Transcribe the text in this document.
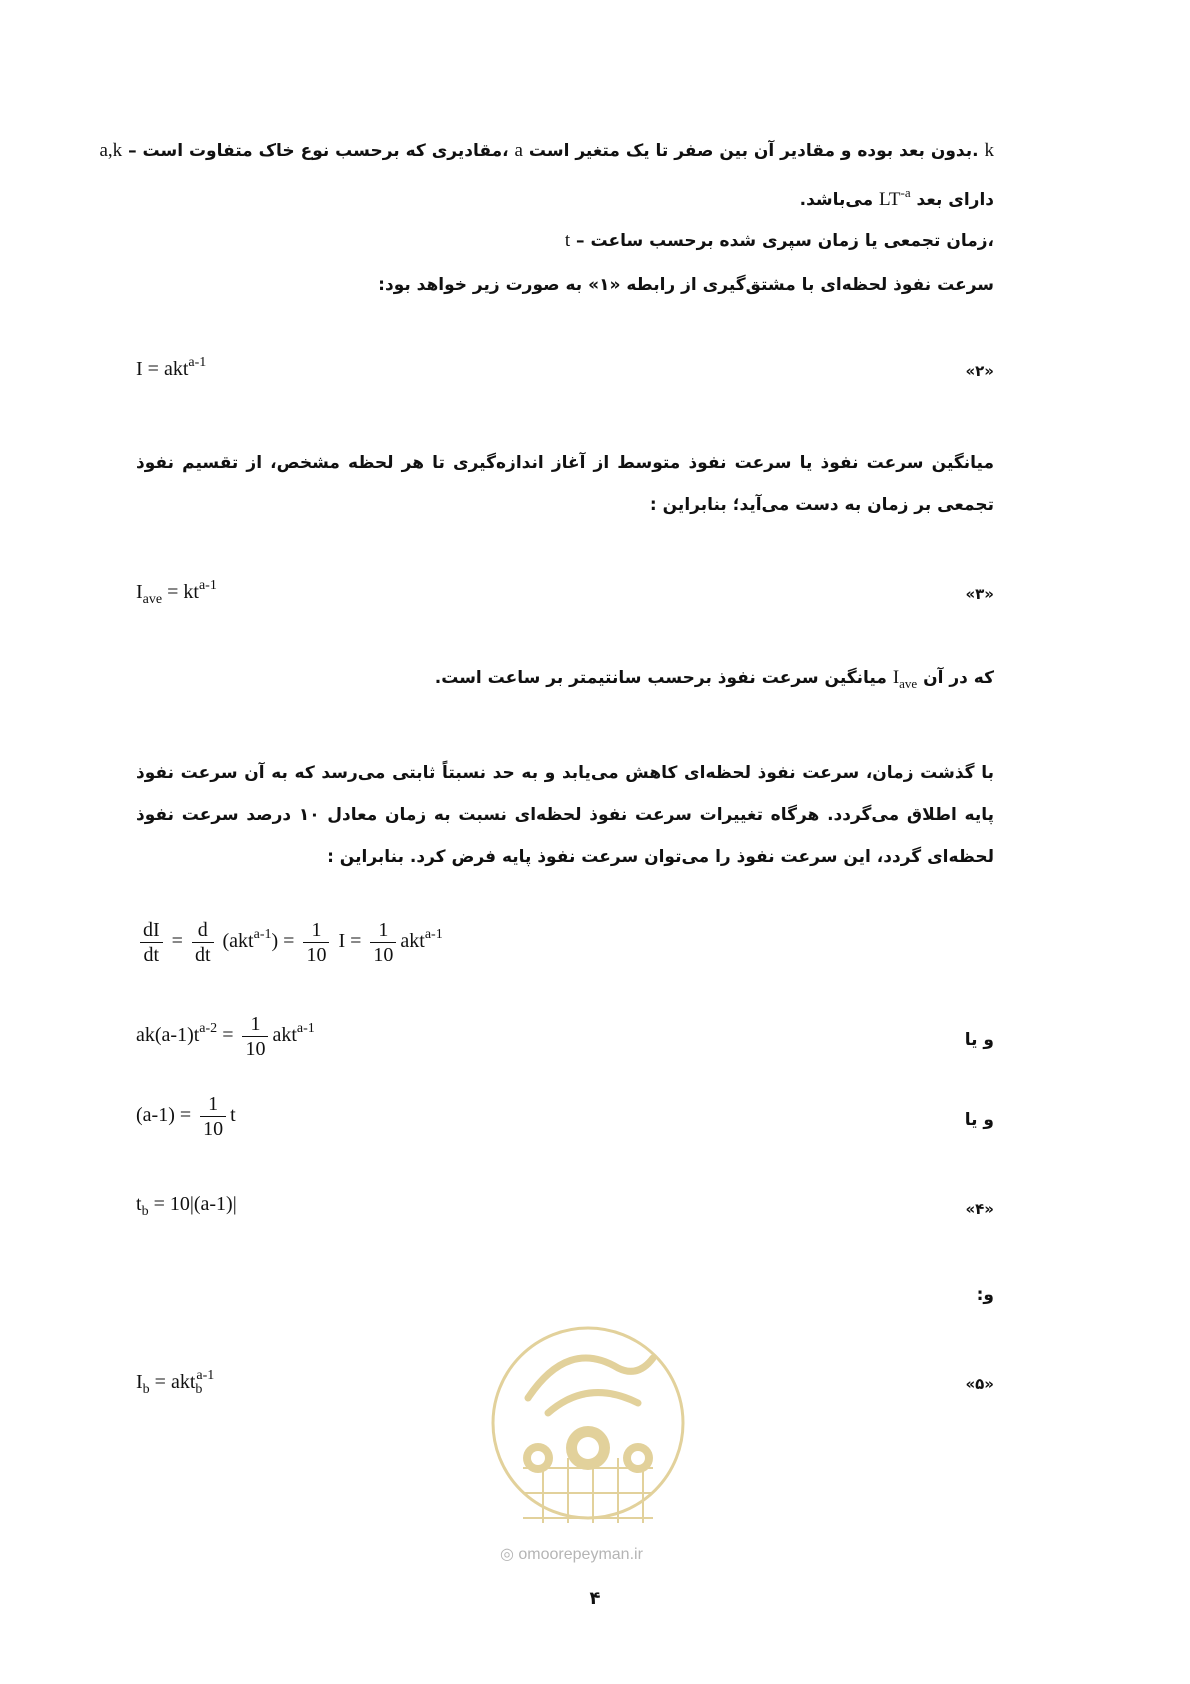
a,k – مقادیری که برحسب نوع خاک متفاوت است، a بدون بعد بوده و مقادیر آن بین صفر تا یک متغیر است. k
دارای بعد $LT^{-a}$ می‌باشد.
t – زمان تجمعی یا زمان سپری شده برحسب ساعت،
سرعت نفوذ لحظه‌ای با مشتق‌گیری از رابطه «۱» به صورت زیر خواهد بود:
I = akt$^{a-1}$	«۲»
میانگین سرعت نفوذ یا سرعت نفوذ متوسط از آغاز اندازه‌گیری تا هر لحظه مشخص، از تقسیم نفوذ تجمعی بر زمان به دست می‌آید؛ بنابراین :
$I_{ave} = kt^{a-1}$	«۳»
که در آن $I_{ave}$ میانگین سرعت نفوذ برحسب سانتیمتر بر ساعت است.
با گذشت زمان، سرعت نفوذ لحظه‌ای کاهش می‌یابد و به حد نسبتاً ثابتی می‌رسد که به آن سرعت نفوذ پایه اطلاق می‌گردد. هرگاه تغییرات سرعت نفوذ لحظه‌ای نسبت به زمان معادل ۱۰ درصد سرعت نفوذ لحظه‌ای گردد، این سرعت نفوذ را می‌توان سرعت نفوذ پایه فرض کرد. بنابراین :
$\frac{dI}{dt} = \frac{d}{dt} (akt^{a-1}) = \frac{1}{10}$ $I = \frac{1}{10} akt^{a-1}$
$ak(a-1)t^{a-2} = \frac{1}{10} akt^{a-1}$
و یا
$(a-1) = \frac{1}{10}$ t	و یا
$t_b = 10|(a-1)|$	«۴»
و:
$I_b = akt_b^{a-1}$	«۵»
◎ omoorepeyman.ir
۴
